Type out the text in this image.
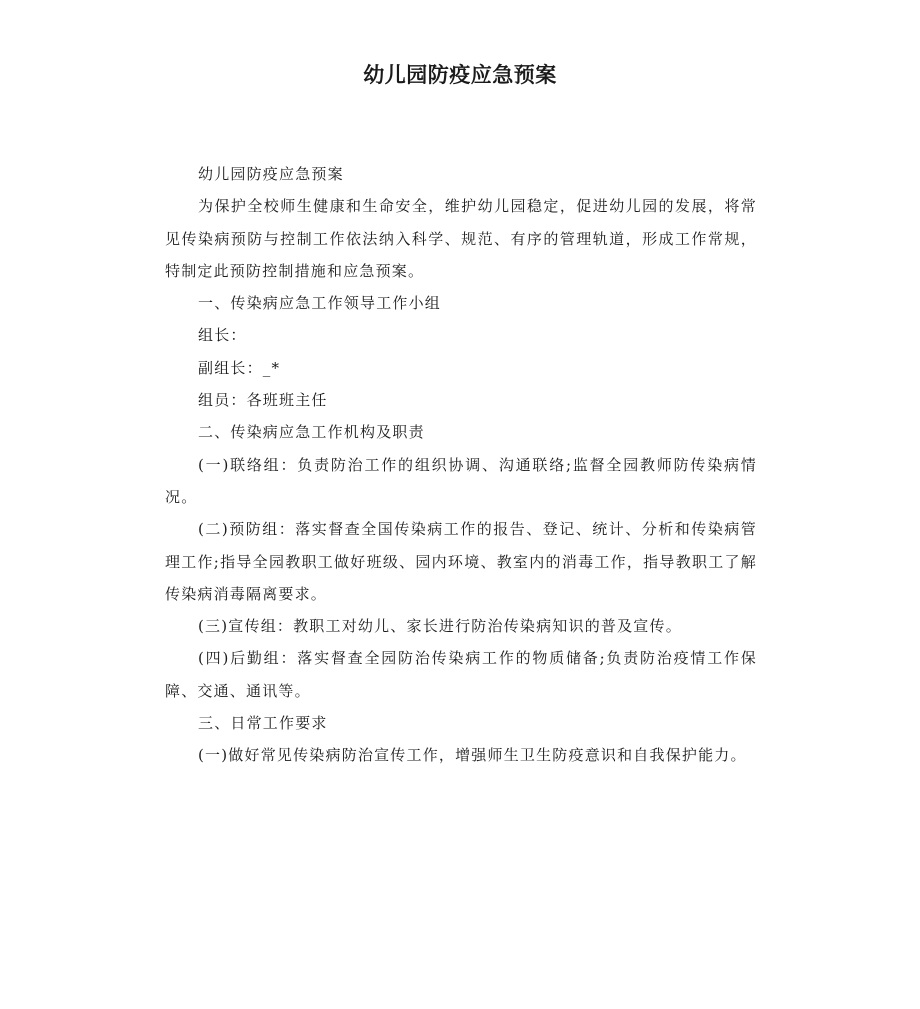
幼儿园防疫应急预案

幼儿园防疫应急预案

为保护全校师生健康和生命安全，维护幼儿园稳定，促进幼儿园的发展，将常见传染病预防与控制工作依法纳入科学、规范、有序的管理轨道，形成工作常规，特制定此预防控制措施和应急预案。

一、传染病应急工作领导工作小组

组长：

副组长：_*

组员：各班班主任

二、传染病应急工作机构及职责

(一)联络组：负责防治工作的组织协调、沟通联络;监督全园教师防传染病情况。

(二)预防组：落实督查全国传染病工作的报告、登记、统计、分析和传染病管理工作;指导全园教职工做好班级、园内环境、教室内的消毒工作，指导教职工了解传染病消毒隔离要求。

(三)宣传组：教职工对幼儿、家长进行防治传染病知识的普及宣传。

(四)后勤组：落实督查全园防治传染病工作的物质储备;负责防治疫情工作保障、交通、通讯等。

三、日常工作要求

(一)做好常见传染病防治宣传工作，增强师生卫生防疫意识和自我保护能力。
